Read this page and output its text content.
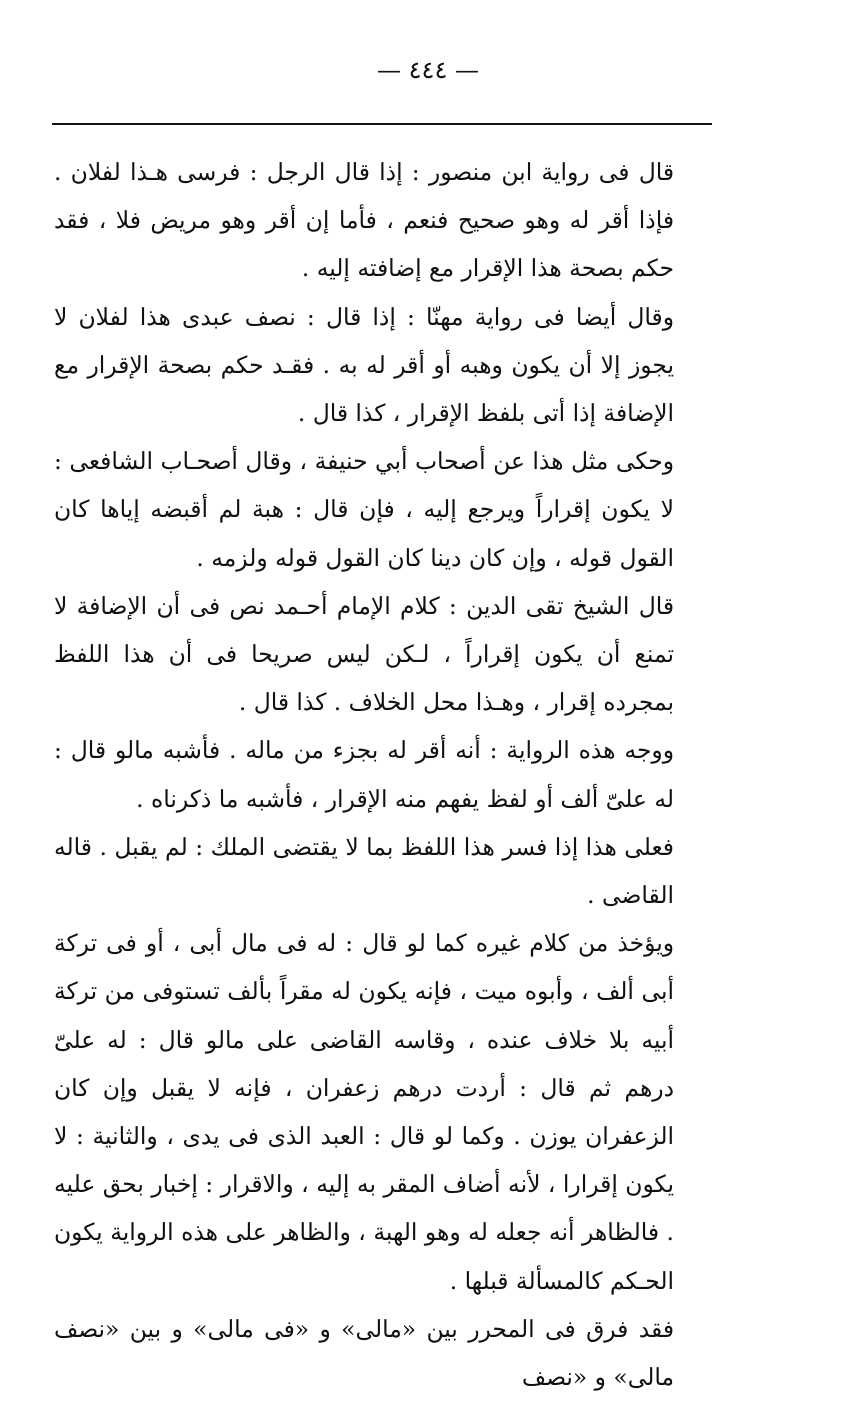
— ٤٤٤ —

قال فى رواية ابن منصور : إذا قال الرجل : فرسى هـذا لفلان . فإذا أقر له وهو صحيح فنعم ، فأما إن أقر وهو مريض فلا ، فقد حكم بصحة هذا الإقرار مع إضافته إليه .

وقال أيضا فى رواية مهنّا : إذا قال : نصف عبدى هذا لفلان لا يجوز إلا أن يكون وهبه أو أقر له به . فقـد حكم بصحة الإقرار مع الإضافة إذا أتى بلفظ الإقرار ، كذا قال .

وحكى مثل هذا عن أصحاب أبي حنيفة ، وقال أصحـاب الشافعى : لا يكون إقراراً ويرجع إليه ، فإن قال : هبة لم أقبضه إياها كان القول قوله ، وإن كان دينا كان القول قوله ولزمه .

قال الشيخ تقى الدين : كلام الإمام أحـمد نص فى أن الإضافة لا تمنع أن يكون إقراراً ، لـكن ليس صريحا فى أن هذا اللفظ بمجرده إقرار ، وهـذا محل الخلاف . كذا قال .

ووجه هذه الرواية : أنه أقر له بجزء من ماله . فأشبه مالو قال : له علىّ ألف أو لفظ يفهم منه الإقرار ، فأشبه ما ذكرناه .

فعلى هذا إذا فسر هذا اللفظ بما لا يقتضى الملك : لم يقبل . قاله القاضى .

ويؤخذ من كلام غيره كما لو قال : له فى مال أبى ، أو فى تركة أبى ألف ، وأبوه ميت ، فإنه يكون له مقراً بألف تستوفى من تركة أبيه بلا خلاف عنده ، وقاسه القاضى على مالو قال : له علىّ درهم ثم قال : أردت درهم زعفران ، فإنه لا يقبل وإن كان الزعفران يوزن . وكما لو قال : العبد الذى فى يدى ، والثانية : لا يكون إقرارا ، لأنه أضاف المقر به إليه ، والاقرار : إخبار بحق عليه . فالظاهر أنه جعله له وهو الهبة ، والظاهر على هذه الرواية يكون الحـكم كالمسألة قبلها .

فقد فرق فى المحرر بين «مالى» و «فى مالى» و بين «نصف مالى» و «نصف
